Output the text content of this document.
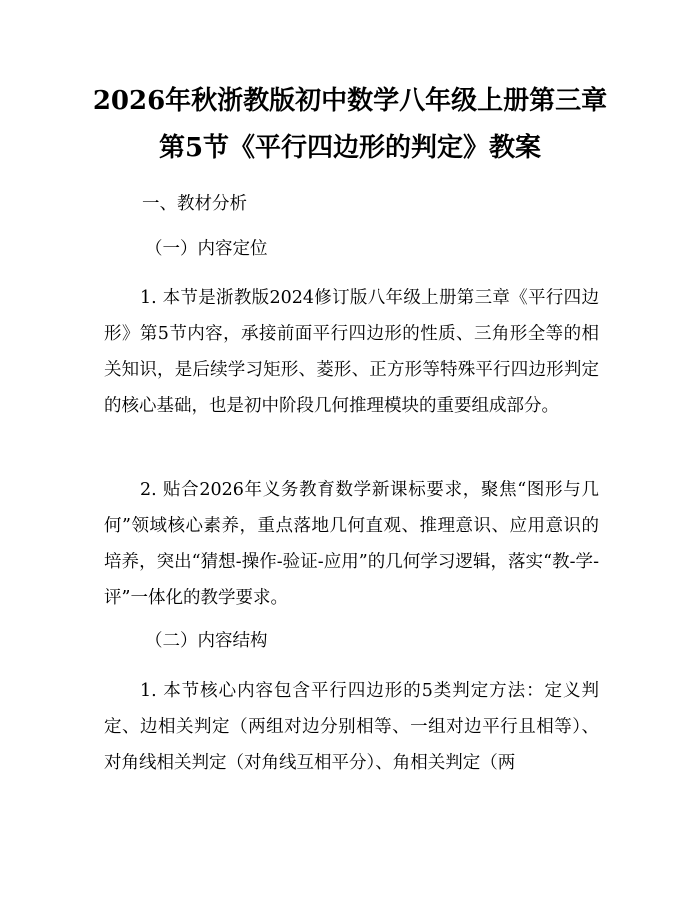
2026年秋浙教版初中数学八年级上册第三章
第5节《平行四边形的判定》教案
一、教材分析
（一）内容定位
1. 本节是浙教版2024修订版八年级上册第三章《平行四边形》第5节内容，承接前面平行四边形的性质、三角形全等的相关知识，是后续学习矩形、菱形、正方形等特殊平行四边形判定的核心基础，也是初中阶段几何推理模块的重要组成部分。
2. 贴合2026年义务教育数学新课标要求，聚焦“图形与几何”领域核心素养，重点落地几何直观、推理意识、应用意识的培养，突出“猜想-操作-验证-应用”的几何学习逻辑，落实“教-学-评”一体化的教学要求。
（二）内容结构
1. 本节核心内容包含平行四边形的5类判定方法：定义判定、边相关判定（两组对边分别相等、一组对边平行且相等）、对角线相关判定（对角线互相平分）、角相关判定（两
